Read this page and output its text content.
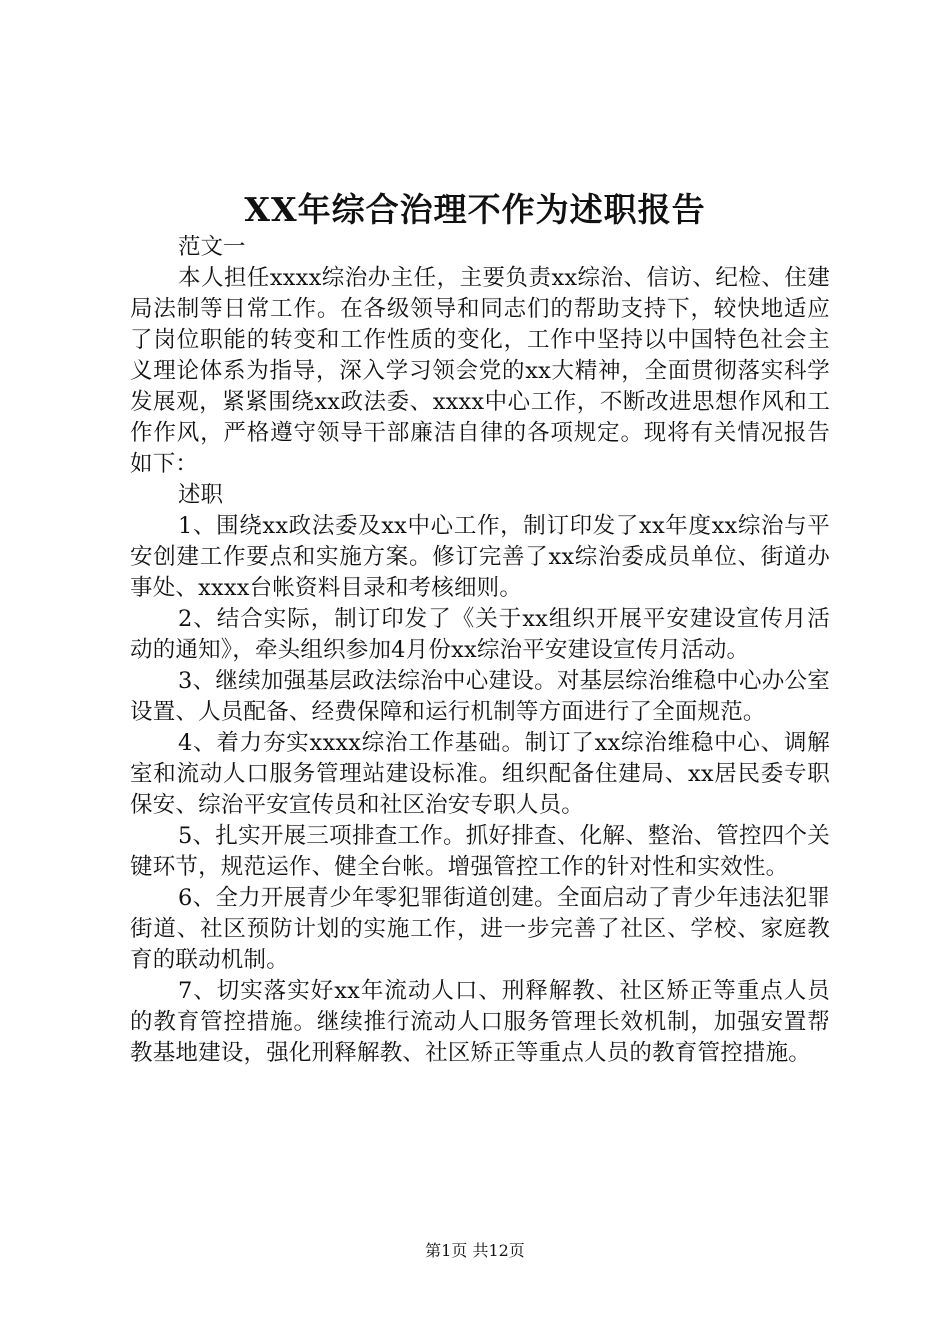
XX年综合治理不作为述职报告

范文一

本人担任xxxx综治办主任，主要负责xx综治、信访、纪检、住建局法制等日常工作。在各级领导和同志们的帮助支持下，较快地适应了岗位职能的转变和工作性质的变化，工作中坚持以中国特色社会主义理论体系为指导，深入学习领会党的xx大精神，全面贯彻落实科学发展观，紧紧围绕xx政法委、xxxx中心工作，不断改进思想作风和工作作风，严格遵守领导干部廉洁自律的各项规定。现将有关情况报告如下：

述职

1、围绕xx政法委及xx中心工作，制订印发了xx年度xx综治与平安创建工作要点和实施方案。修订完善了xx综治委成员单位、街道办事处、xxxx台帐资料目录和考核细则。

2、结合实际，制订印发了《关于xx组织开展平安建设宣传月活动的通知》，牵头组织参加4月份xx综治平安建设宣传月活动。

3、继续加强基层政法综治中心建设。对基层综治维稳中心办公室设置、人员配备、经费保障和运行机制等方面进行了全面规范。

4、着力夯实xxxx综治工作基础。制订了xx综治维稳中心、调解室和流动人口服务管理站建设标准。组织配备住建局、xx居民委专职保安、综治平安宣传员和社区治安专职人员。

5、扎实开展三项排查工作。抓好排查、化解、整治、管控四个关键环节，规范运作、健全台帐。增强管控工作的针对性和实效性。

6、全力开展青少年零犯罪街道创建。全面启动了青少年违法犯罪街道、社区预防计划的实施工作，进一步完善了社区、学校、家庭教育的联动机制。

7、切实落实好xx年流动人口、刑释解教、社区矫正等重点人员的教育管控措施。继续推行流动人口服务管理长效机制，加强安置帮教基地建设，强化刑释解教、社区矫正等重点人员的教育管控措施。

第1页 共12页
